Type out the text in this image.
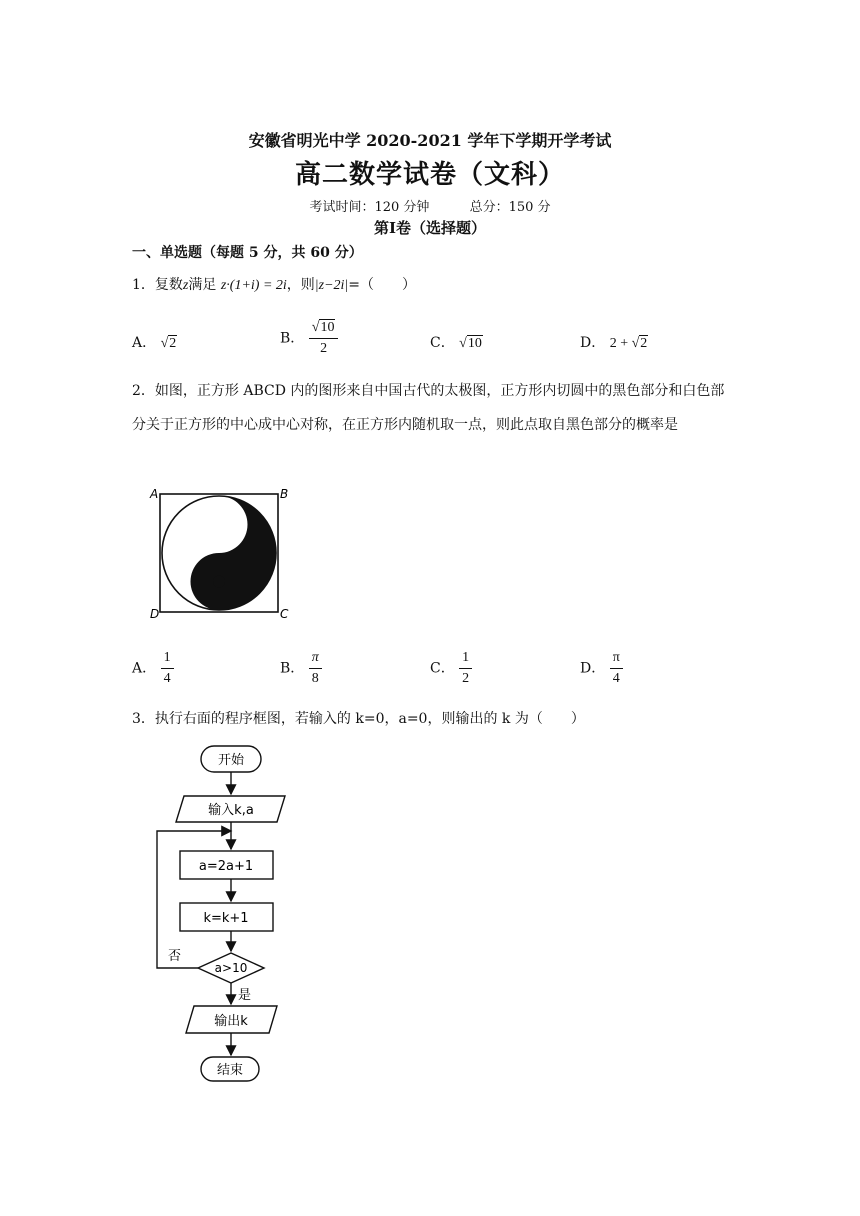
安徽省明光中学 2020-2021 学年下学期开学考试
高二数学试卷（文科）
考试时间：120 分钟	总分：150 分
第Ⅰ卷（选择题）
一、单选题（每题 5 分，共 60 分）
1．复数z满足 z·(1+i) = 2i，则|z−2i|=（　　）
A． √2	B． $\frac{√10}{2}$	C． √10	D． 2 + √2
2．如图，正方形 ABCD 内的图形来自中国古代的太极图，正方形内切圆中的黑色部分和白色部分关于正方形的中心成中心对称，在正方形内随机取一点，则此点取自黑色部分的概率是
A	B
D	C
A． $\frac{1}{4}$	B． $\frac{\pi}{8}$	C． $\frac{1}{2}$	D． $\frac{\pi}{4}$
3．执行右面的程序框图，若输入的 k=0，a=0，则输出的 k 为（　　）
开始
输入k,a
a=2a+1
k=k+1
a>10
否
是
输出k
结束
